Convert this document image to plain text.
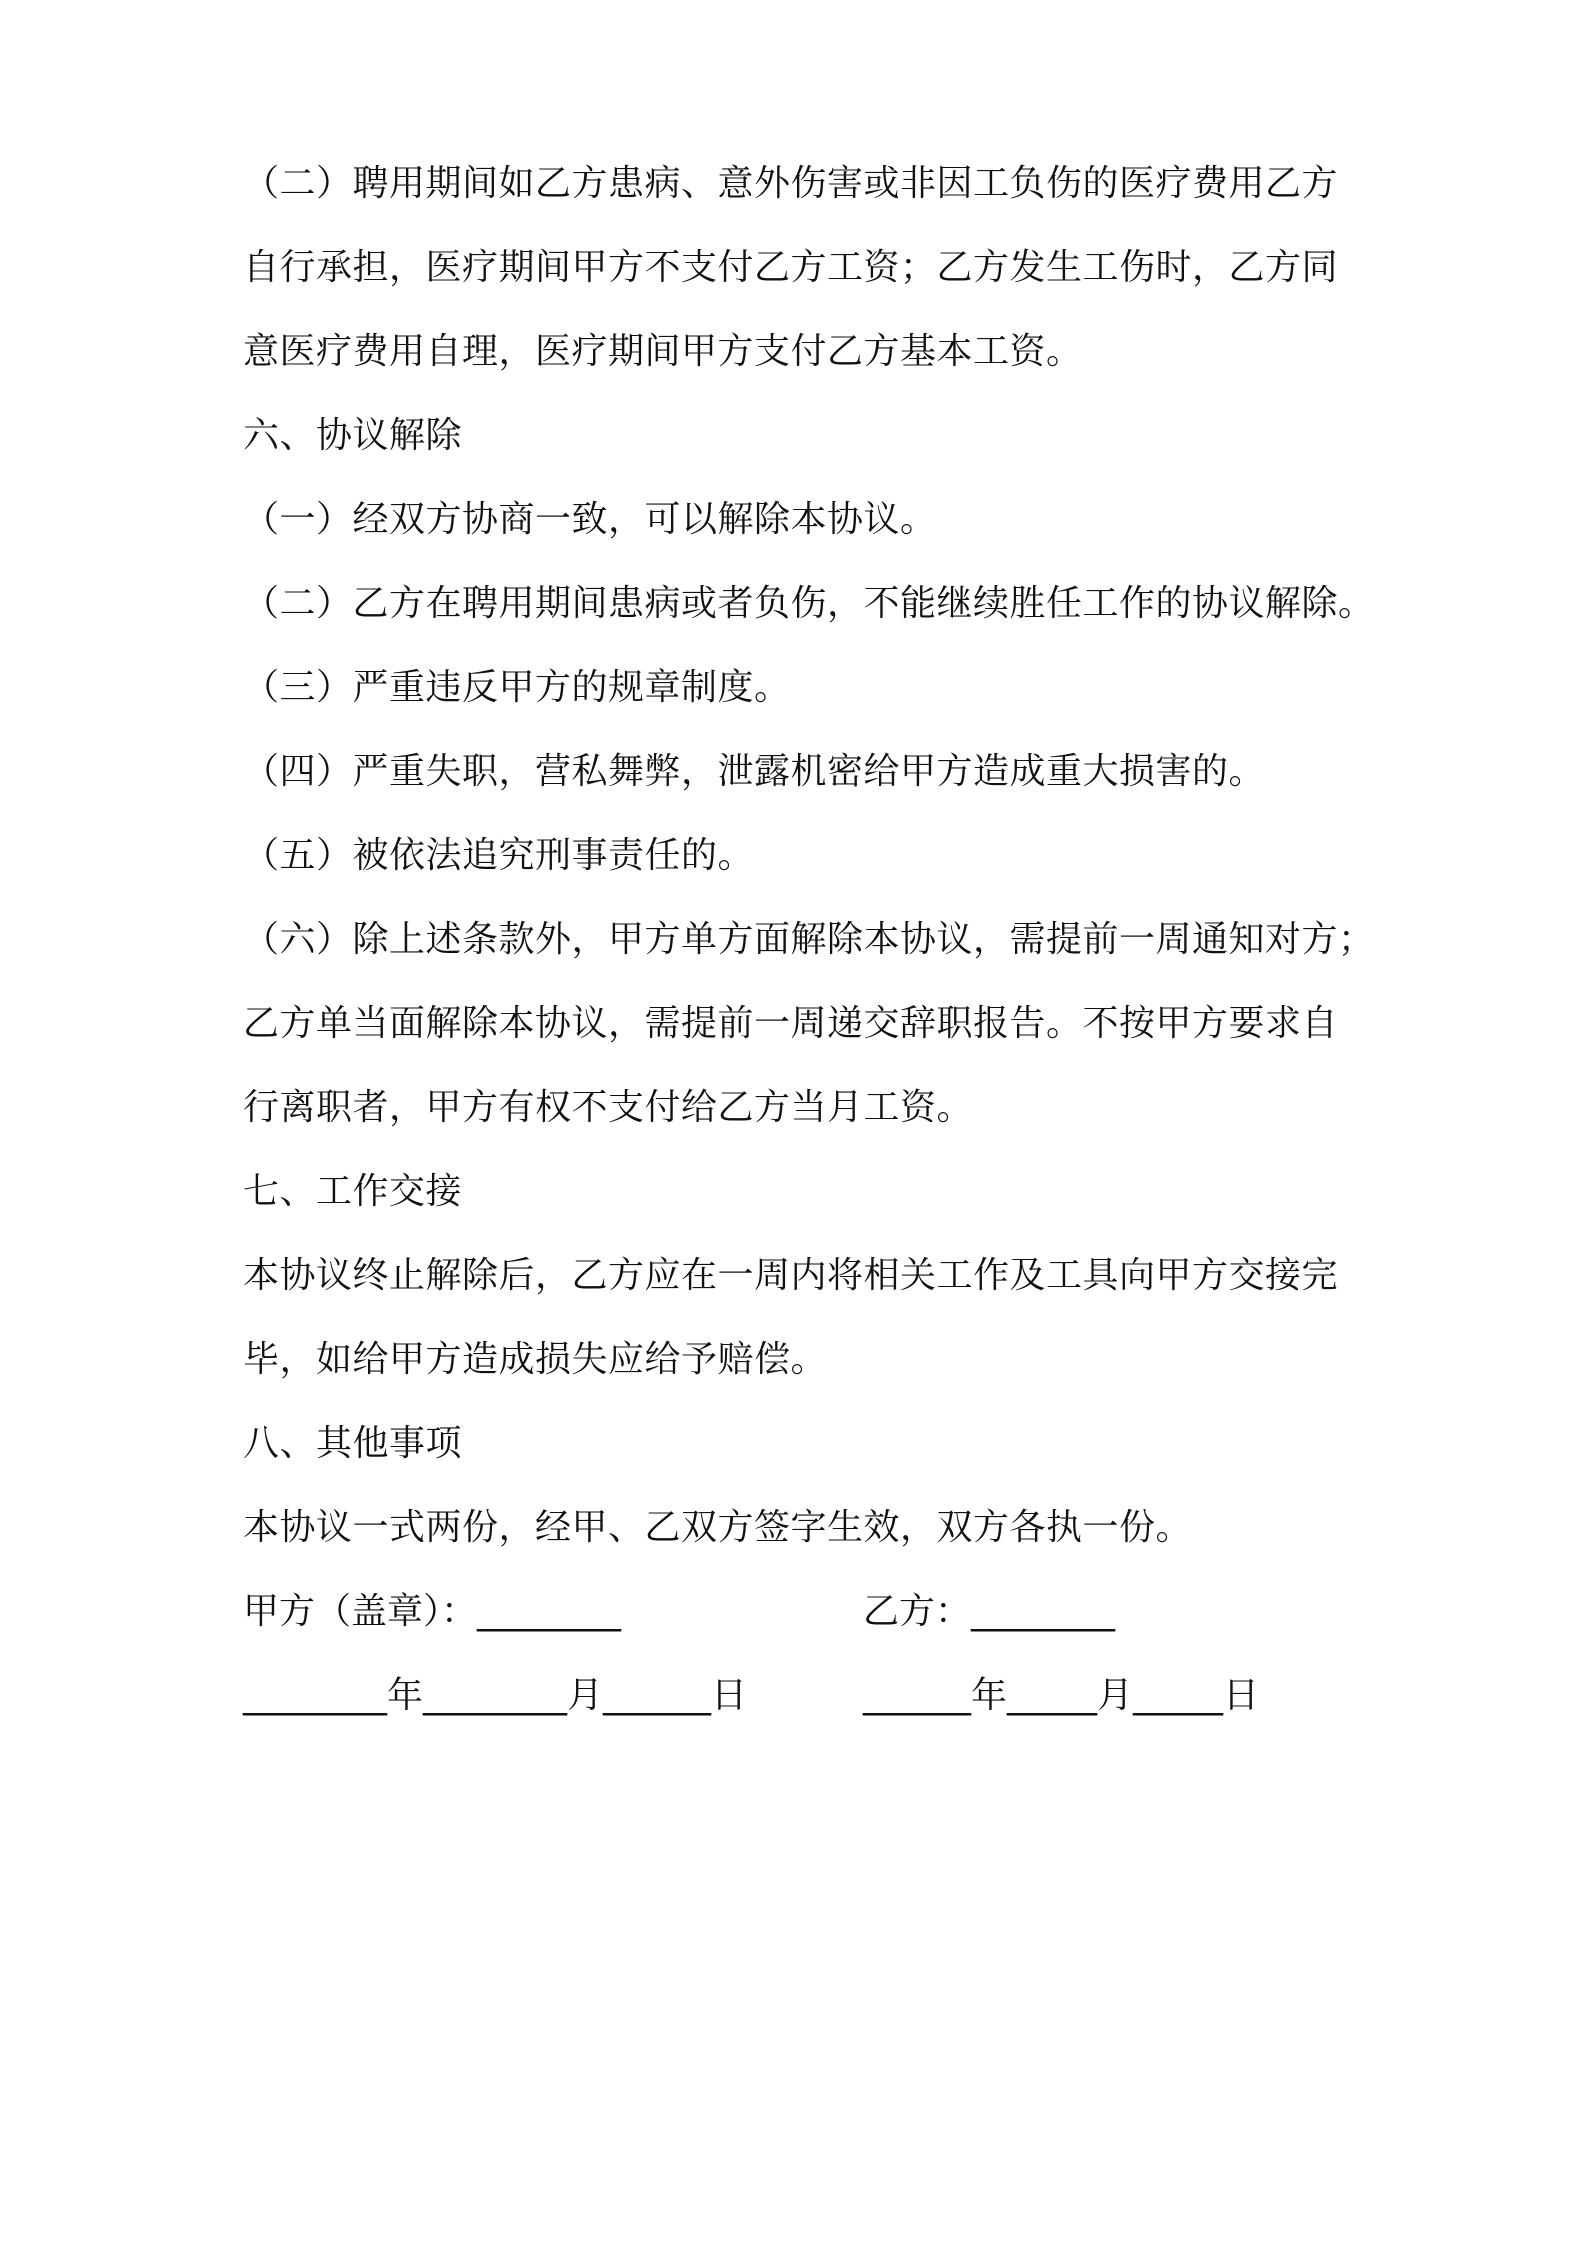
（二）聘用期间如乙方患病、意外伤害或非因工负伤的医疗费用乙方
自行承担，医疗期间甲方不支付乙方工资；乙方发生工伤时，乙方同
意医疗费用自理，医疗期间甲方支付乙方基本工资。
六、协议解除
（一）经双方协商一致，可以解除本协议。
（二）乙方在聘用期间患病或者负伤，不能继续胜任工作的协议解除。
（三）严重违反甲方的规章制度。
（四）严重失职，营私舞弊，泄露机密给甲方造成重大损害的。
（五）被依法追究刑事责任的。
（六）除上述条款外，甲方单方面解除本协议，需提前一周通知对方；
乙方单当面解除本协议，需提前一周递交辞职报告。不按甲方要求自
行离职者，甲方有权不支付给乙方当月工资。
七、工作交接
本协议终止解除后，乙方应在一周内将相关工作及工具向甲方交接完
毕，如给甲方造成损失应给予赔偿。
八、其他事项
本协议一式两份，经甲、乙双方签字生效，双方各执一份。
甲方（盖章）：________	乙方：________
________年________月______日	______年_____月_____日
